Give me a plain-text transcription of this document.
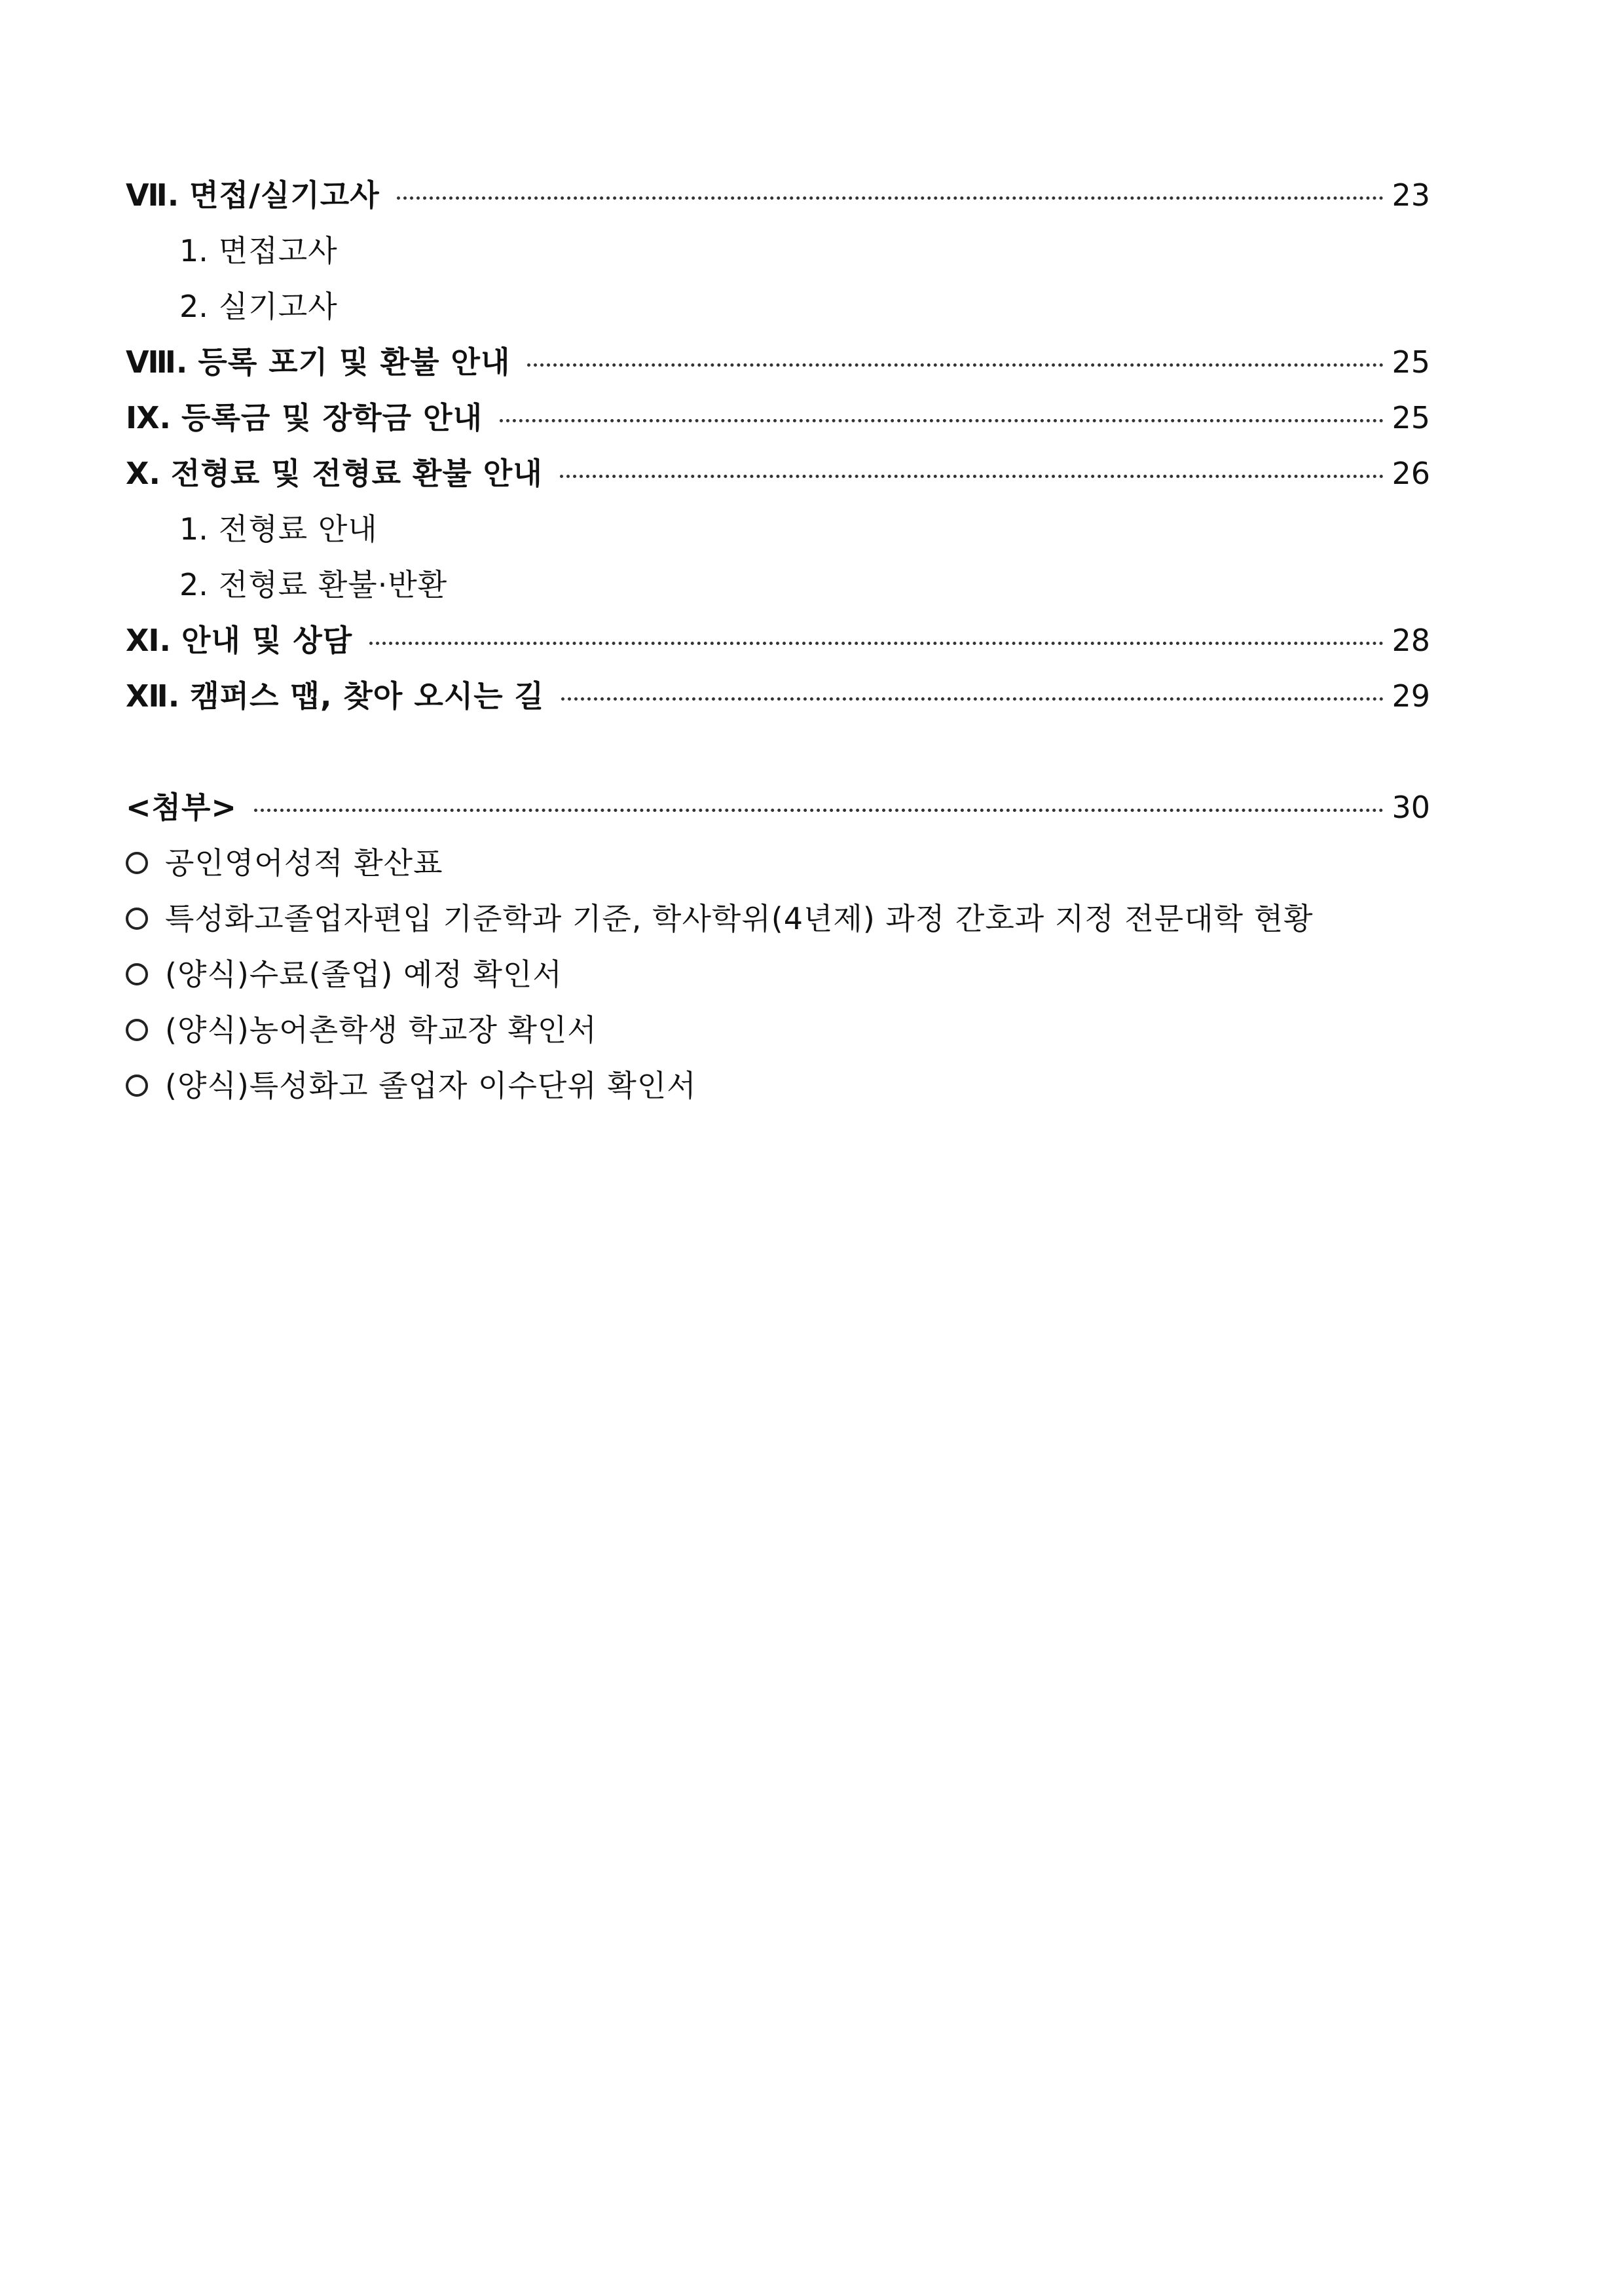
Ⅶ. 면접/실기고사	23
1. 면접고사
2. 실기고사
Ⅷ. 등록 포기 및 환불 안내	25
Ⅸ. 등록금 및 장학금 안내	25
Ⅹ. 전형료 및 전형료 환불 안내	26
1. 전형료 안내
2. 전형료 환불·반환
Ⅺ. 안내 및 상담	28
Ⅻ. 캠퍼스 맵, 찾아 오시는 길	29
<첨부>	30
공인영어성적 환산표
특성화고졸업자편입 기준학과 기준, 학사학위(4년제) 과정 간호과 지정 전문대학 현황
(양식)수료(졸업) 예정 확인서
(양식)농어촌학생 학교장 확인서
(양식)특성화고 졸업자 이수단위 확인서
